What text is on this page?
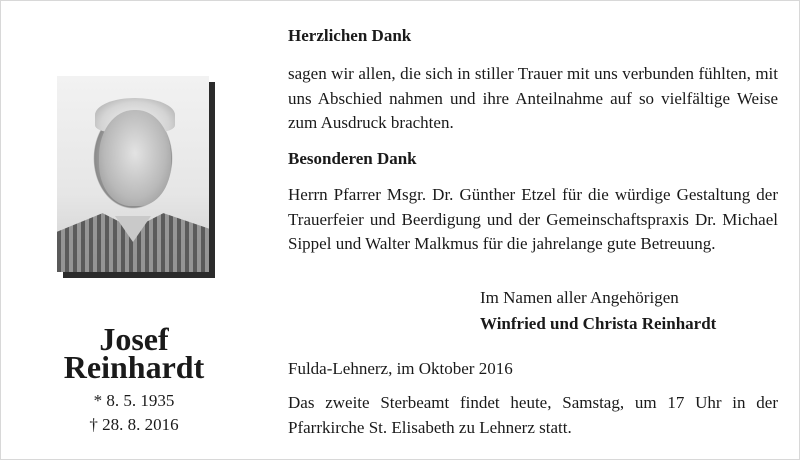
Josef
Reinhardt
* 8. 5. 1935
† 28. 8. 2016
Herzlichen Dank
sagen wir allen, die sich in stiller Trauer mit uns verbunden fühlten, mit uns Abschied nahmen und ihre Anteilnahme auf so vielfältige Weise zum Ausdruck brachten.
Besonderen Dank
Herrn Pfarrer Msgr. Dr. Günther Etzel für die würdige Gestaltung der Trauerfeier und Beerdigung und der Gemeinschaftspraxis Dr. Michael Sippel und Walter Malkmus für die jahrelange gute Betreuung.
Im Namen aller Angehörigen
Winfried und Christa Reinhardt
Fulda-Lehnerz, im Oktober 2016
Das zweite Sterbeamt findet heute, Samstag, um 17 Uhr in der Pfarrkirche St. Elisabeth zu Lehnerz statt.
